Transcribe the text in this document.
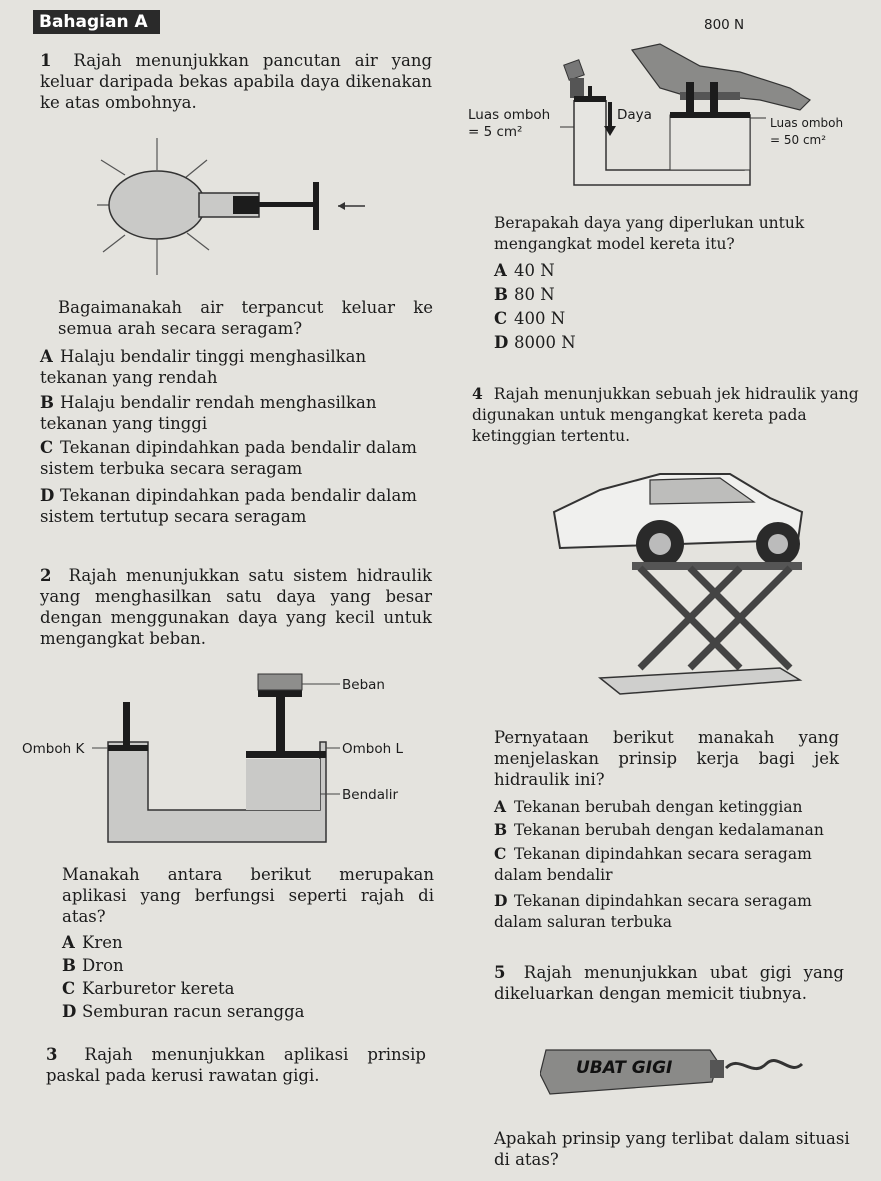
Bahagian A
1 Rajah menunjukkan pancutan air yang keluar daripada bekas apabila daya dikenakan ke atas ombohnya.
Bagaimanakah air terpancut keluar ke semua arah secara seragam?
A Halaju bendalir tinggi menghasilkan tekanan yang rendah
B Halaju bendalir rendah menghasilkan tekanan yang tinggi
C Tekanan dipindahkan pada bendalir dalam sistem terbuka secara seragam
D Tekanan dipindahkan pada bendalir dalam sistem tertutup secara seragam
2 Rajah menunjukkan satu sistem hidraulik yang menghasilkan satu daya yang besar dengan menggunakan daya yang kecil untuk mengangkat beban.
Beban
Omboh K	Omboh L
Bendalir
Manakah antara berikut merupakan aplikasi yang berfungsi seperti rajah di atas?
A Kren
B Dron
C Karburetor kereta
D Semburan racun serangga
3 Rajah menunjukkan aplikasi prinsip paskal pada kerusi rawatan gigi.
800 N
Luas omboh
= 5 cm²
Daya	Luas omboh
= 50 cm²
Berapakah daya yang diperlukan untuk mengangkat model kereta itu?
A 40 N
B 80 N
C 400 N
D 8000 N
4 Rajah menunjukkan sebuah jek hidraulik yang digunakan untuk mengangkat kereta pada ketinggian tertentu.
Pernyataan berikut manakah yang menjelaskan prinsip kerja bagi jek hidraulik ini?
A Tekanan berubah dengan ketinggian
B Tekanan berubah dengan kedalamanan
C Tekanan dipindahkan secara seragam dalam bendalir
D Tekanan dipindahkan secara seragam dalam saluran terbuka
5 Rajah menunjukkan ubat gigi yang dikeluarkan dengan memicit tiubnya.
UBAT GIGI
Apakah prinsip yang terlibat dalam situasi di atas?
